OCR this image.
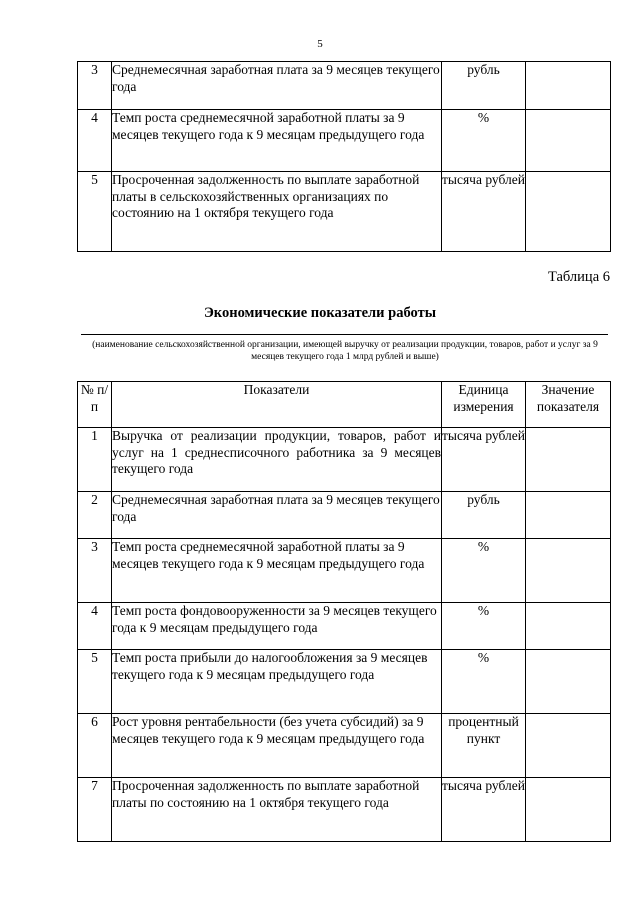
5
3	Среднемесячная заработная плата за 9 месяцев текущего года	рубль	
4	Темп роста среднемесячной заработной платы за 9 месяцев текущего года к 9 месяцам предыдущего года	%	
5	Просроченная задолженность по выплате заработной платы в сельскохозяйственных организациях по состоянию на 1 октября текущего года	тысяча рублей	
Таблица 6
Экономические показатели работы
(наименование сельскохозяйственной организации, имеющей выручку от реализации продукции, товаров, работ и услуг за 9 месяцев текущего года 1 млрд рублей и выше)
№ п/п	Показатели	Единица измерения	Значение показателя
1	Выручка от реализации продукции, товаров, работ и услуг на 1 среднесписочного работника за 9 месяцев текущего года	тысяча рублей	
2	Среднемесячная заработная плата за 9 месяцев текущего года	рубль	
3	Темп роста среднемесячной заработной платы за 9 месяцев текущего года к 9 месяцам предыдущего года	%	
4	Темп роста фондовооруженности за 9 месяцев текущего года к 9 месяцам предыдущего года	%	
5	Темп роста прибыли до налогообложения за 9 месяцев текущего года к 9 месяцам предыдущего года	%	
6	Рост уровня рентабельности (без учета субсидий) за 9 месяцев текущего года к 9 месяцам предыдущего года	процентный пункт	
7	Просроченная задолженность по выплате заработной платы по состоянию на 1 октября текущего года	тысяча рублей	
